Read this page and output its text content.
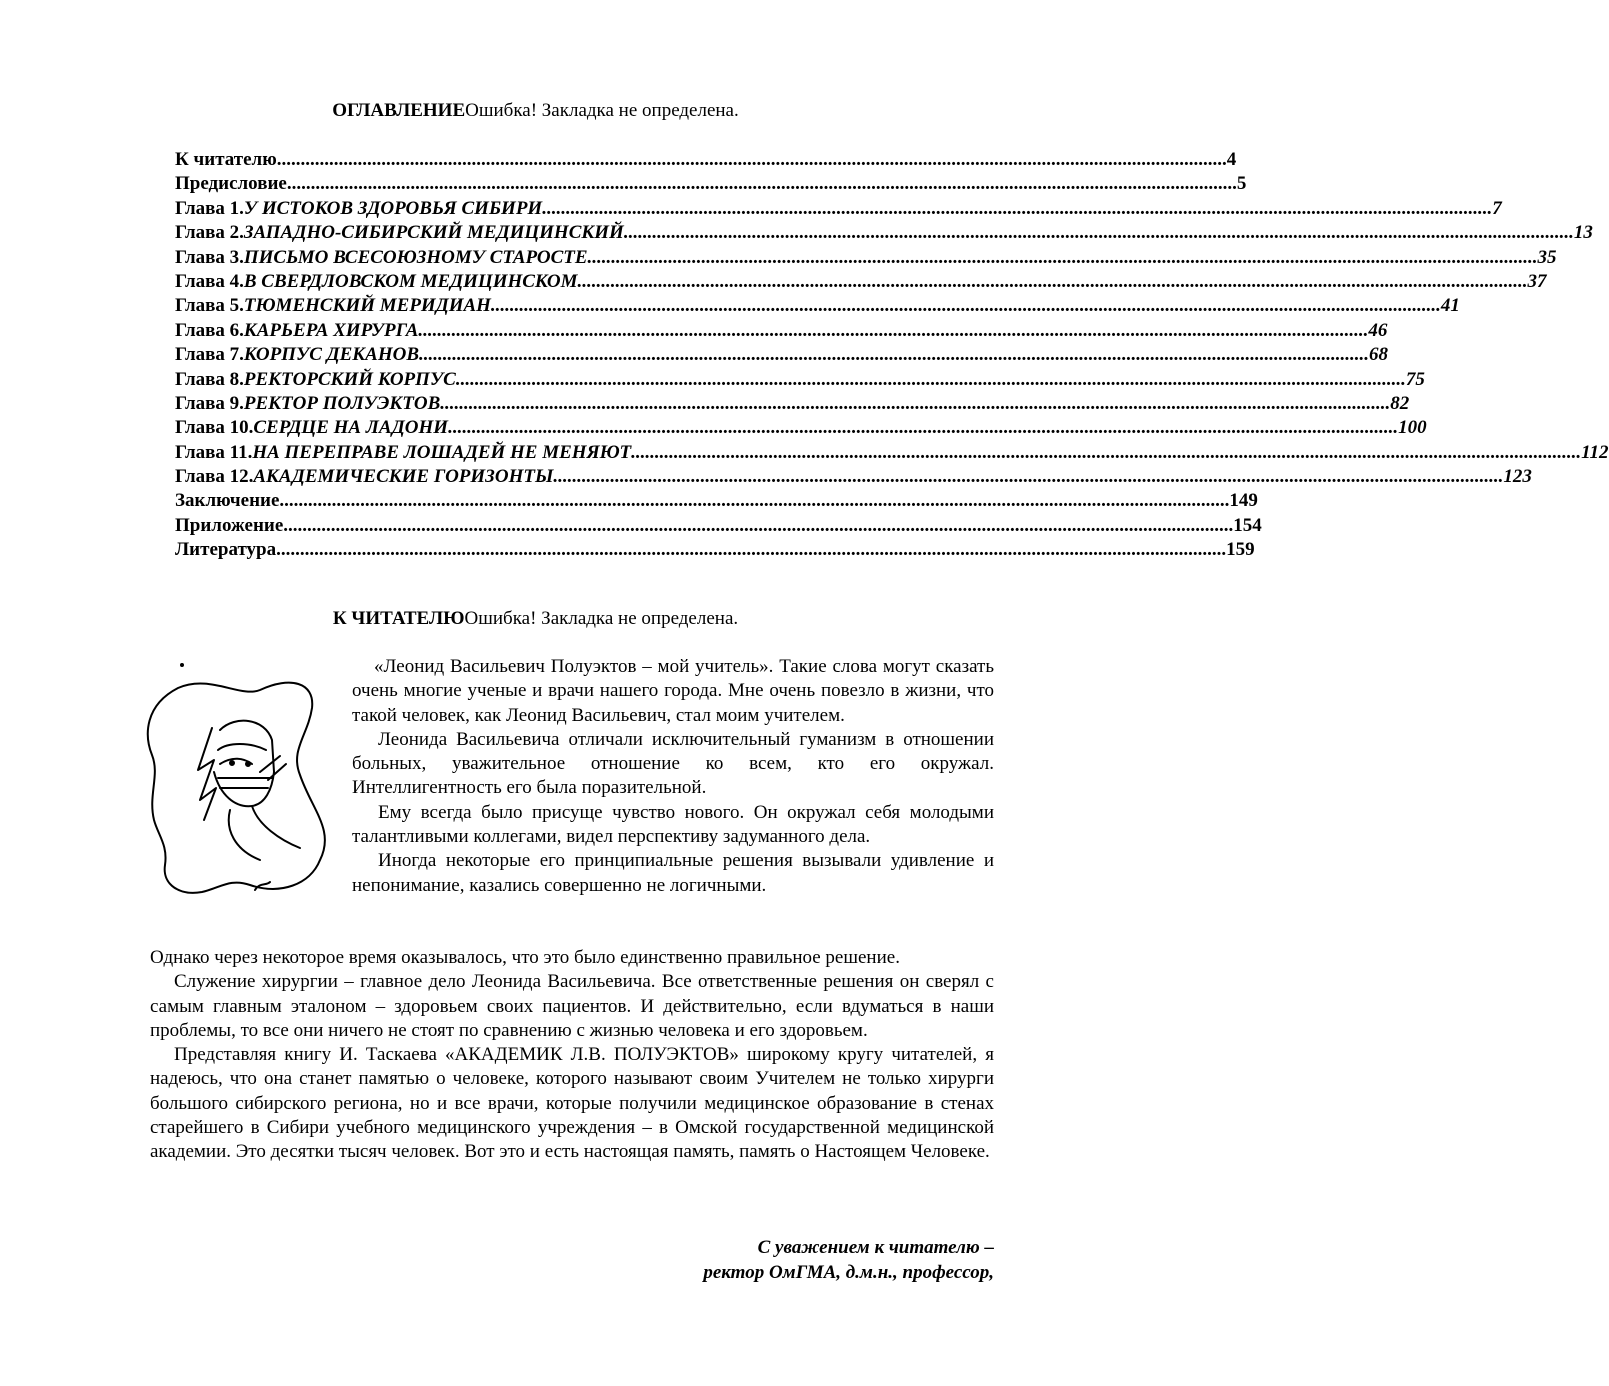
ОГЛАВЛЕНИЕОшибка! Закладка не определена.
К читателю ........................................................................................................................................................................................................ 4
Предисловие ........................................................................................................................................................................................................ 5
Глава 1. У ИСТОКОВ ЗДОРОВЬЯ СИБИРИ ........................................................................................................................................................................................................ 7
Глава 2. ЗАПАДНО-СИБИРСКИЙ МЕДИЦИНСКИЙ ........................................................................................................................................................................................................ 13
Глава 3. ПИСЬМО ВСЕСОЮЗНОМУ СТАРОСТЕ ........................................................................................................................................................................................................ 35
Глава 4. В СВЕРДЛОВСКОМ МЕДИЦИНСКОМ ........................................................................................................................................................................................................ 37
Глава 5. ТЮМЕНСКИЙ МЕРИДИАН ........................................................................................................................................................................................................ 41
Глава 6. КАРЬЕРА ХИРУРГА ........................................................................................................................................................................................................ 46
Глава 7. КОРПУС ДЕКАНОВ ........................................................................................................................................................................................................ 68
Глава 8. РЕКТОРСКИЙ КОРПУС ........................................................................................................................................................................................................ 75
Глава 9. РЕКТОР ПОЛУЭКТОВ ........................................................................................................................................................................................................ 82
Глава 10. СЕРДЦЕ НА ЛАДОНИ ........................................................................................................................................................................................................ 100
Глава 11. НА ПЕРЕПРАВЕ ЛОШАДЕЙ НЕ МЕНЯЮТ ........................................................................................................................................................................................................ 112
Глава 12. АКАДЕМИЧЕСКИЕ ГОРИЗОНТЫ ........................................................................................................................................................................................................ 123
Заключение ........................................................................................................................................................................................................ 149
Приложение ........................................................................................................................................................................................................ 154
Литература ........................................................................................................................................................................................................ 159
К ЧИТАТЕЛЮОшибка! Закладка не определена.

«Леонид Васильевич Полуэктов – мой учитель». Такие слова могут сказать очень многие ученые и врачи нашего города. Мне очень повезло в жизни, что такой человек, как Леонид Васильевич, стал моим учителем.

Леонида Васильевича отличали исключительный гуманизм в отношении больных, уважительное отношение ко всем, кто его окружал. Интеллигентность его была поразительной.

Ему всегда было присуще чувство нового. Он окружал себя молодыми талантливыми коллегами, видел перспективу задуманного дела.

Иногда некоторые его принципиальные решения вызывали удивление и непонимание, казались совершенно не логичными.

Однако через некоторое время оказывалось, что это было единственно правильное решение.

Служение хирургии – главное дело Леонида Васильевича. Все ответственные решения он сверял с самым главным эталоном – здоровьем своих пациентов. И действительно, если вдуматься в наши проблемы, то все они ничего не стоят по сравнению с жизнью человека и его здоровьем.

Представляя книгу И. Таскаева «АКАДЕМИК Л.В. ПОЛУЭКТОВ» широкому кругу читателей, я надеюсь, что она станет памятью о человеке, которого называют своим Учителем не только хирурги большого сибирского региона, но и все врачи, которые получили медицинское образование в стенах старейшего в Сибири учебного медицинского учреждения – в Омской государственной медицинской академии. Это десятки тысяч человек. Вот это и есть настоящая память, память о Настоящем Человеке.

С уважением к читателю –
ректор ОмГМА, д.м.н., профессор,
